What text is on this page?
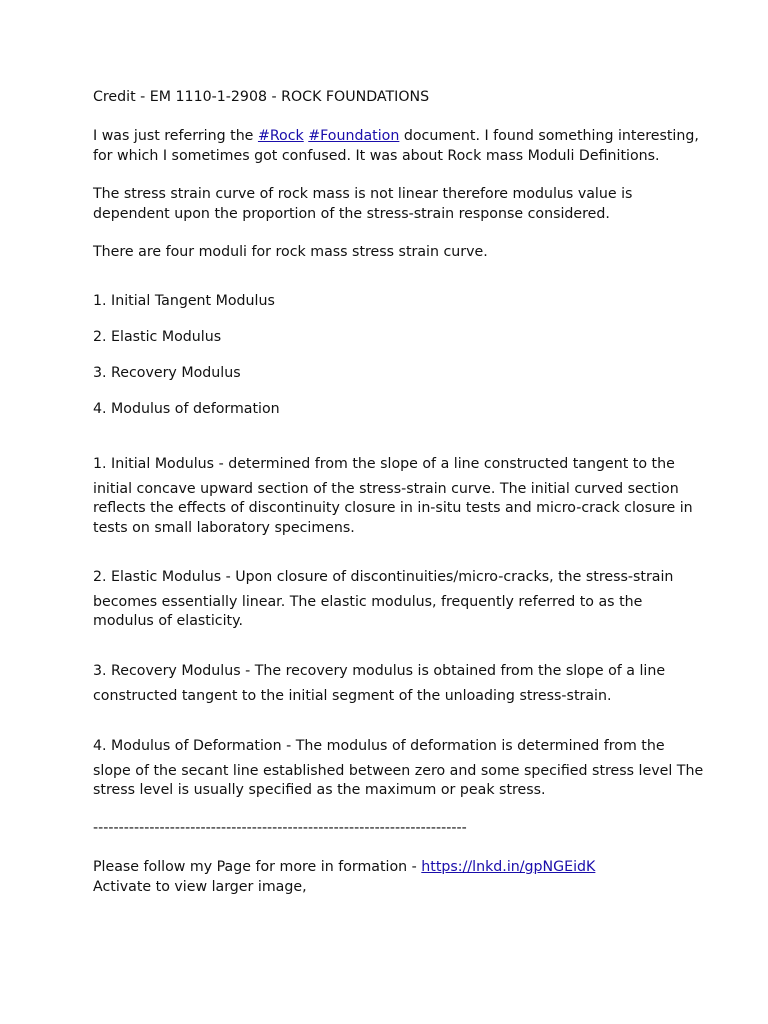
Credit - EM 1110-1-2908 - ROCK FOUNDATIONS
I was just referring the #Rock #Foundation document. I found something interesting,
for which I sometimes got confused. It was about Rock mass Moduli Definitions.
The stress strain curve of rock mass is not linear therefore modulus value is
dependent upon the proportion of the stress-strain response considered.
There are four moduli for rock mass stress strain curve.
1. Initial Tangent Modulus
2. Elastic Modulus
3. Recovery Modulus
4. Modulus of deformation
1. Initial Modulus - determined from the slope of a line constructed tangent to the
initial concave upward section of the stress-strain curve. The initial curved section
reflects the effects of discontinuity closure in in-situ tests and micro-crack closure in
tests on small laboratory specimens.
2. Elastic Modulus - Upon closure of discontinuities/micro-cracks, the stress-strain
becomes essentially linear. The elastic modulus, frequently referred to as the
modulus of elasticity.
3. Recovery Modulus - The recovery modulus is obtained from the slope of a line
constructed tangent to the initial segment of the unloading stress-strain.
4. Modulus of Deformation - The modulus of deformation is determined from the
slope of the secant line established between zero and some specified stress level The
stress level is usually specified as the maximum or peak stress.
-------------------------------------------------------------------------
Please follow my Page for more in formation - https://lnkd.in/gpNGEidK
Activate to view larger image,
